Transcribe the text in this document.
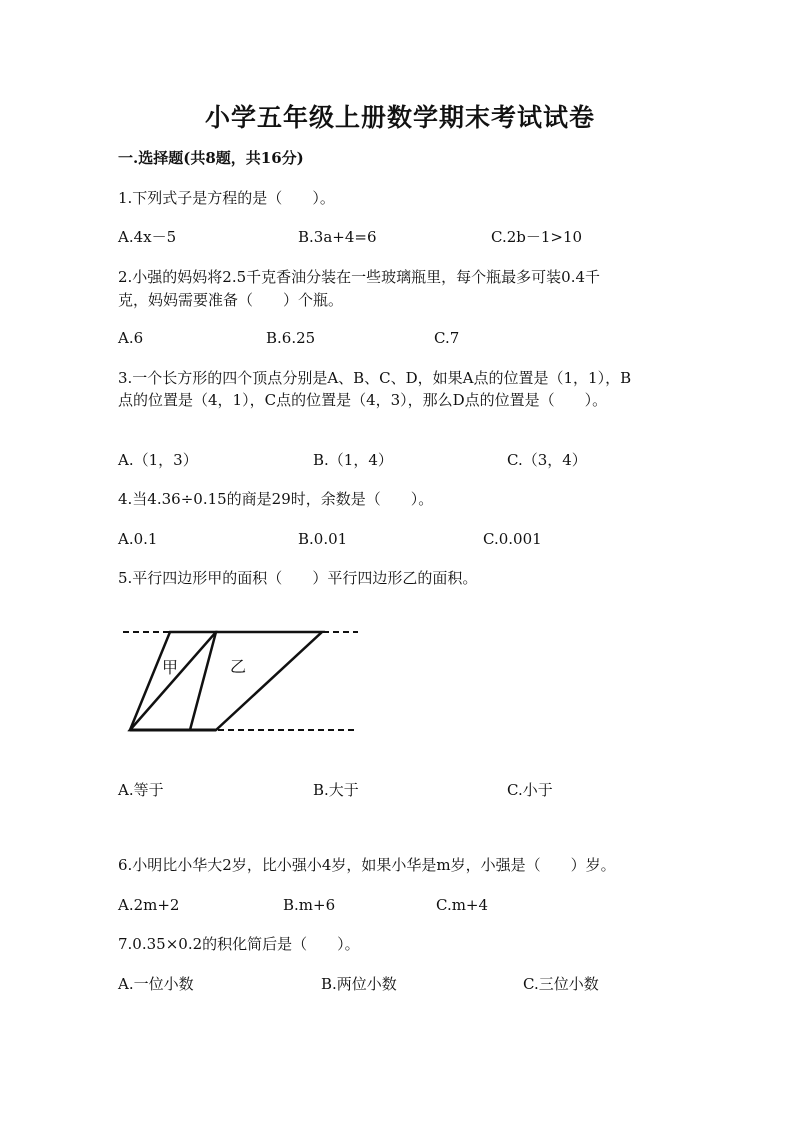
小学五年级上册数学期末考试试卷
一.选择题(共8题，共16分)
1.下列式子是方程的是（　　）。
A.4x－5	B.3a+4=6	C.2b－1>10
2.小强的妈妈将2.5千克香油分装在一些玻璃瓶里，每个瓶最多可装0.4千
克，妈妈需要准备（　　）个瓶。
A.6	B.6.25	C.7
3.一个长方形的四个顶点分别是A、B、C、D，如果A点的位置是（1，1），B
点的位置是（4，1），C点的位置是（4，3），那么D点的位置是（　　）。
A.（1，3）	B.（1，4）	C.（3，4）
4.当4.36÷0.15的商是29时，余数是（　　）。
A.0.1	B.0.01	C.0.001
5.平行四边形甲的面积（　　）平行四边形乙的面积。
甲	乙
A.等于	B.大于	C.小于
6.小明比小华大2岁，比小强小4岁，如果小华是m岁，小强是（　　）岁。
A.2m+2	B.m+6	C.m+4
7.0.35×0.2的积化简后是（　　）。
A.一位小数	B.两位小数	C.三位小数
